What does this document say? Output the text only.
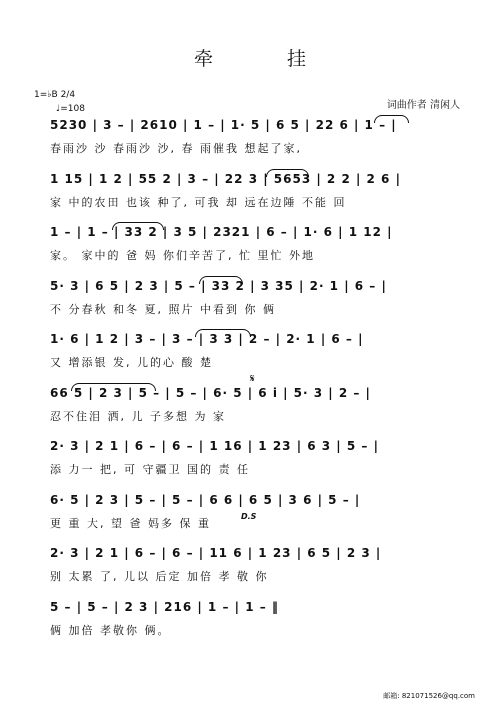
牵 挂
1=♭B 2/4
♩=108	词曲作者 清闲人
5230 | 3 – | 2610 | 1 – | 1· 5 | 6 5 | 22 6 | 1 – |
春雨沙 沙 春雨沙 沙, 春 雨催我 想起了家,
1 15 | 1 2 | 55 2 | 3 – | 22 3 | 5653 | 2 2 | 2 6 |
家 中的农田 也该 种了, 可我 却 远在边陲 不能 回
1 – | 1 – | 33 2 | 3 5 | 2321 | 6 – | 1· 6 | 1 12 |
家。 家中的 爸 妈 你们辛苦了, 忙 里忙 外地
5· 3 | 6 5 | 2 3 | 5 – | 33 2 | 3 35 | 2· 1 | 6 – |
不 分春秋 和冬 夏, 照片 中看到 你 俩
1· 6 | 1 2 | 3 – | 3 – | 3 3 | 2 – | 2· 1 | 6 – |
又 增添银 发, 儿的心 酸 楚
66 5 | 2 3 | 5 – | 5 – | 6· 5 | 6 i | 5· 3 | 2 – |
忍不住泪 洒, 儿 子多想 为 家
2· 3 | 2 1 | 6 – | 6 – | 1 16 | 1 23 | 6 3 | 5 – |
添 力一 把, 可 守疆卫 国的 责 任
6· 5 | 2 3 | 5 – | 5 – | 6 6 | 6 5 | 3 6 | 5 – |
更 重 大, 望 爸 妈多 保 重
2· 3 | 2 1 | 6 – | 6 – | 11 6 | 1 23 | 6 5 | 2 3 |
别 太累 了, 儿以 后定 加倍 孝 敬 你
5 – | 5 – | 2 3 | 216 | 1 – | 1 – ‖
俩 加倍 孝敬你 俩。
D.S
𝄋
邮箱: 821071526@qq.com
